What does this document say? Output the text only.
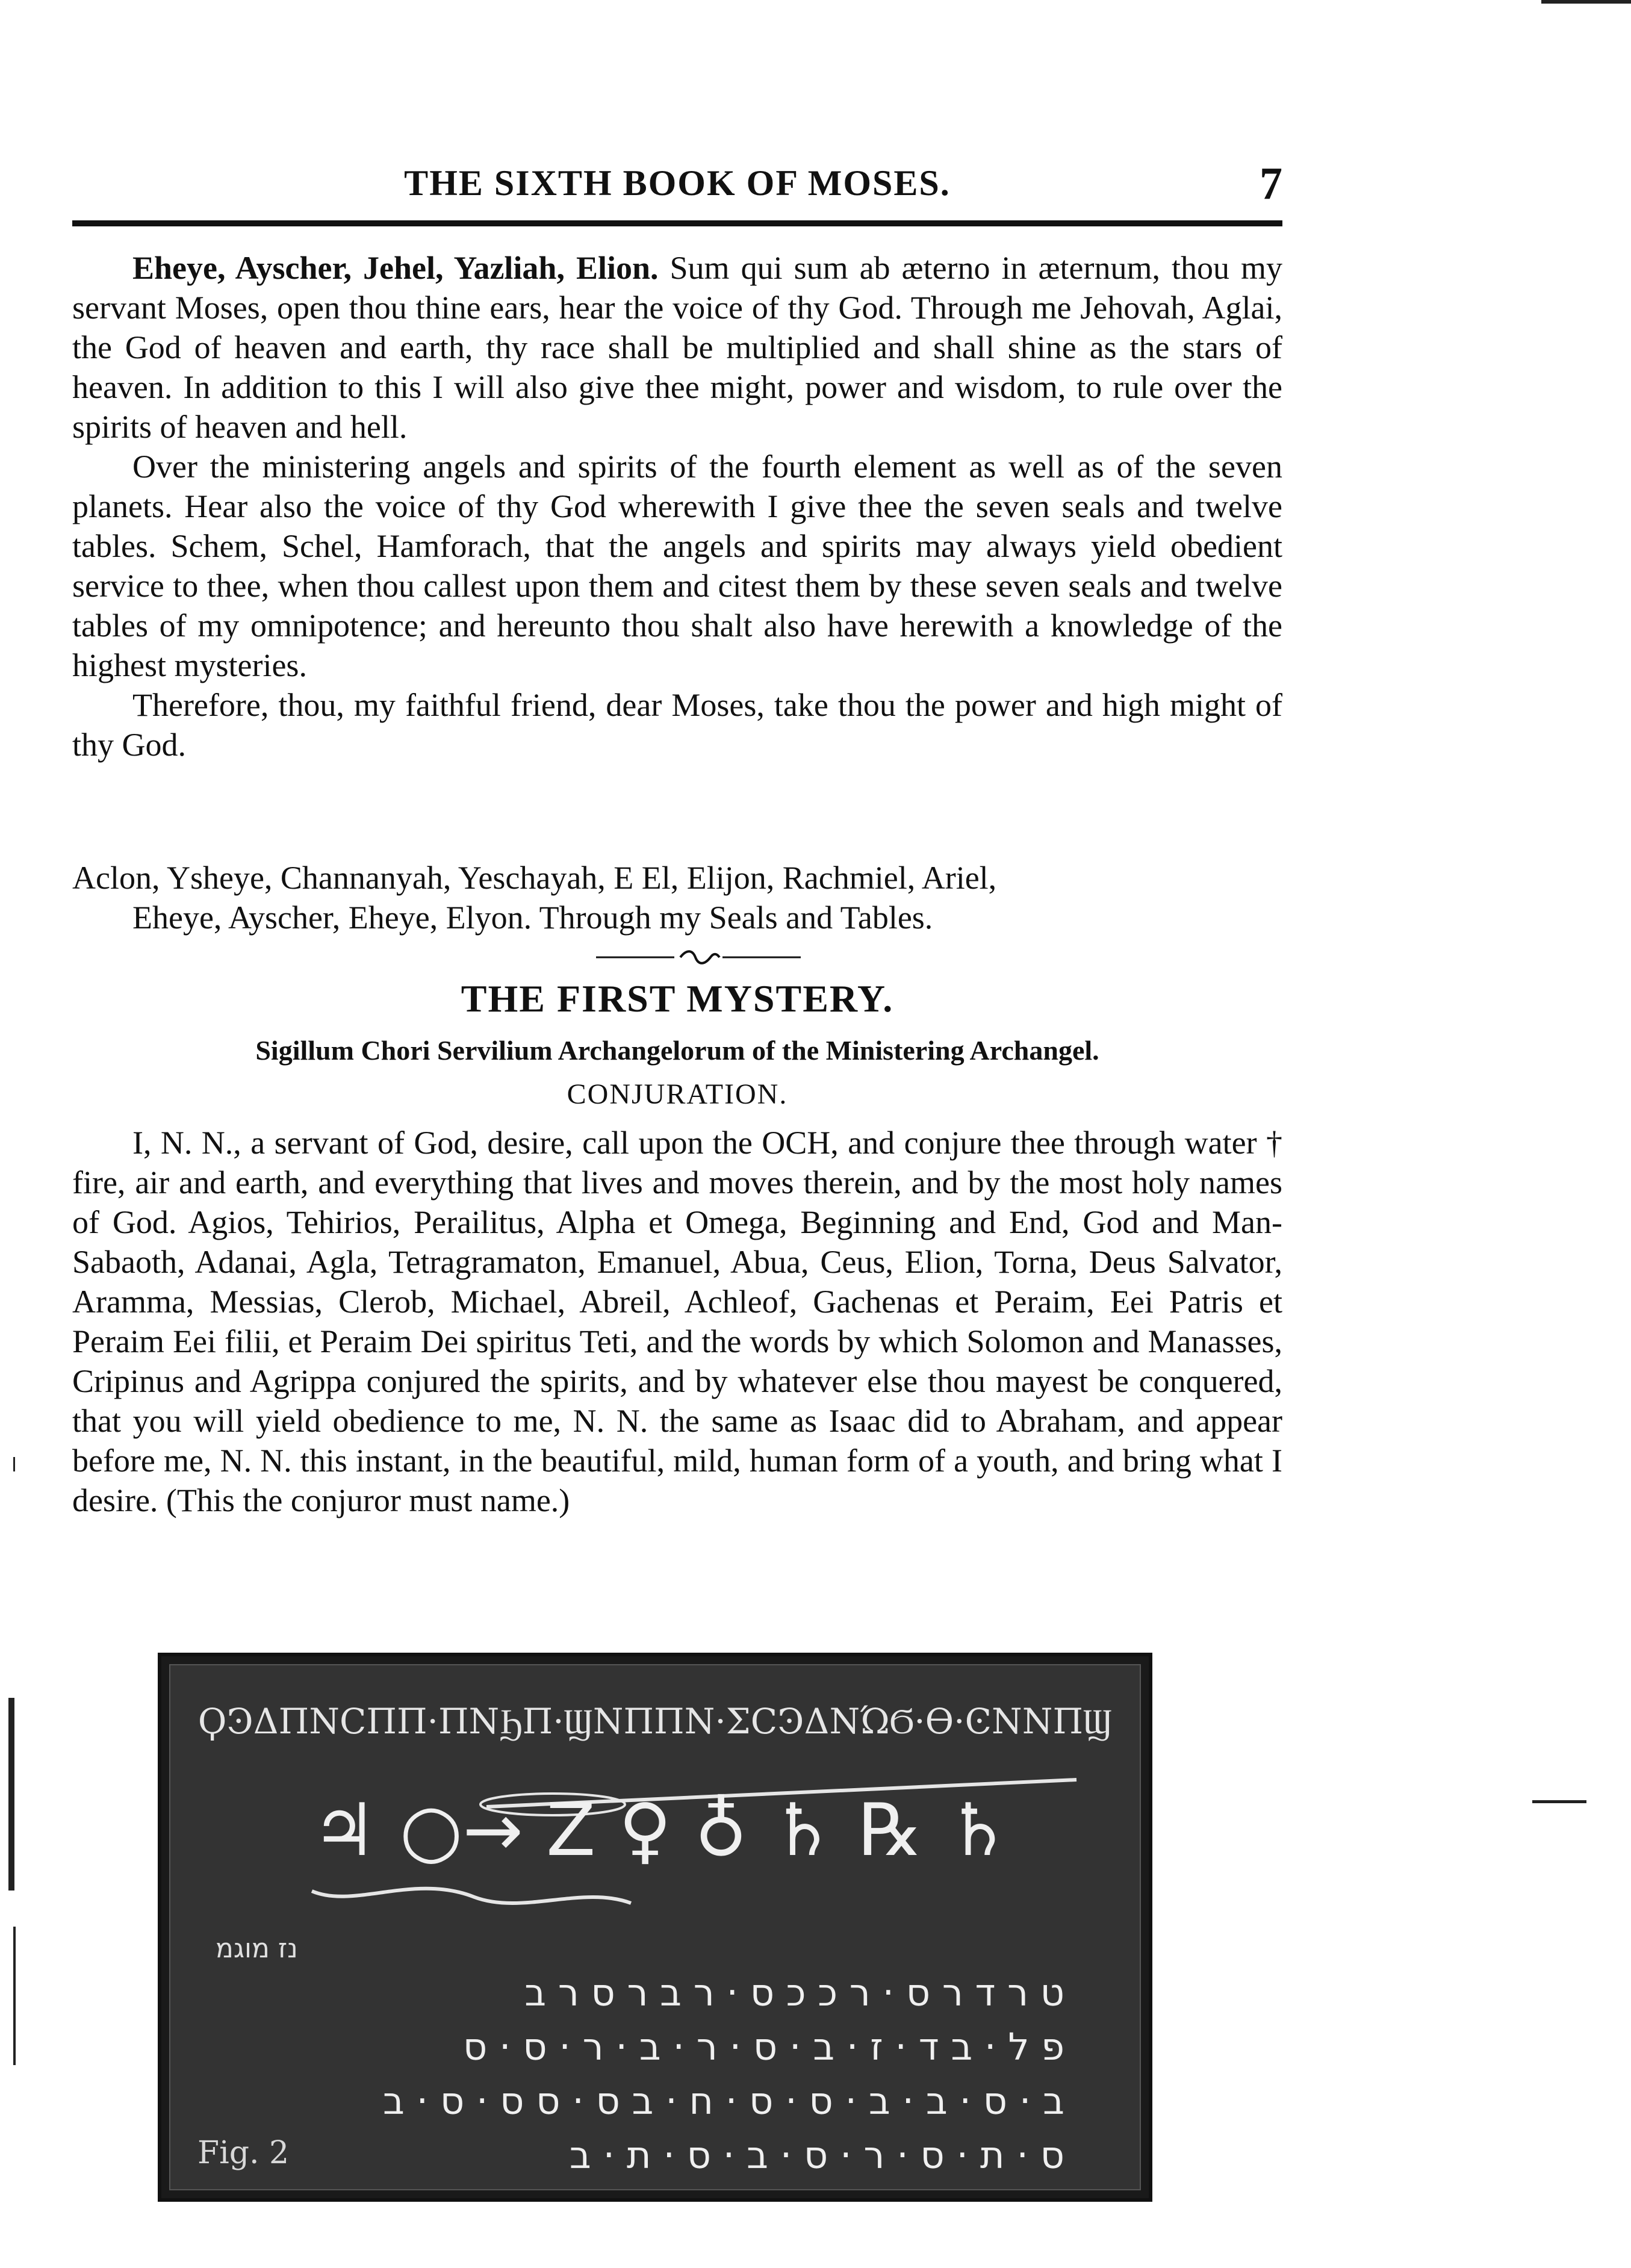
THE SIXTH BOOK OF MOSES.	7

Eheye, Ayscher, Jehel, Yazliah, Elion. Sum qui sum ab æterno in æternum, thou my servant Moses, open thou thine ears, hear the voice of thy God. Through me Jehovah, Aglai, the God of heaven and earth, thy race shall be multiplied and shall shine as the stars of heaven. In addition to this I will also give thee might, power and wisdom, to rule over the spirits of heaven and hell.

Over the ministering angels and spirits of the fourth element as well as of the seven planets. Hear also the voice of thy God wherewith I give thee the seven seals and twelve tables. Schem, Schel, Hamforach, that the angels and spirits may always yield obedient service to thee, when thou callest upon them and citest them by these seven seals and twelve tables of my omnipotence; and hereunto thou shalt also have herewith a knowledge of the highest mysteries.

Therefore, thou, my faithful friend, dear Moses, take thou the power and high might of thy God.

Aclon, Ysheye, Channanyah, Yeschayah, E El, Elijon, Rachmiel, Ariel,
Eheye, Ayscher, Eheye, Elyon. Through my Seals and Tables.
THE FIRST MYSTERY.
Sigillum Chori Servilium Archangelorum of the Ministering Archangel.
CONJURATION.

I, N. N., a servant of God, desire, call upon the OCH, and conjure thee through water † fire, air and earth, and everything that lives and moves therein, and by the most holy names of God. Agios, Tehirios, Perailitus, Alpha et Omega, Beginning and End, God and Man-Sabaoth, Adanai, Agla, Tetragramaton, Emanuel, Abua, Ceus, Elion, Torna, Deus Salvator, Aramma, Messias, Clerob, Michael, Abreil, Achleof, Gachenas et Peraim, Eei Patris et Peraim Eei filii, et Peraim Dei spiritus Teti, and the words by which Solomon and Manasses, Cripinus and Agrippa conjured the spirits, and by whatever else thou mayest be conquered, that you will yield obedience to me, N. N. the same as Isaac did to Abraham, and appear before me, N. N. this instant, in the beautiful, mild, human form of a youth, and bring what I desire. (This the conjuror must name.)

ϘϿΔΠΝϹΠΠ·ΠΝϦΠ·ϢΝΠΠΝ·ΣϹϿΔΝΏϬ·ϴ·ϾΝΝΠϢ
♃ ○→ Z ♀ ♁ ♄ ℞ ♄
נז מוגמ
ט ר ד ר ס · ר כ כ ס · ר ב ר ס ר ב
פ ל · ב ד · ז · ב · ס · ר · ב · ר · ס · ס
ב · ס · ב · ב · ס · ס · ח · ב ס · ס ס · ס · ב
ס · ת · ס · ר · ס · ב · ס · ת · ב
Fig. 2
